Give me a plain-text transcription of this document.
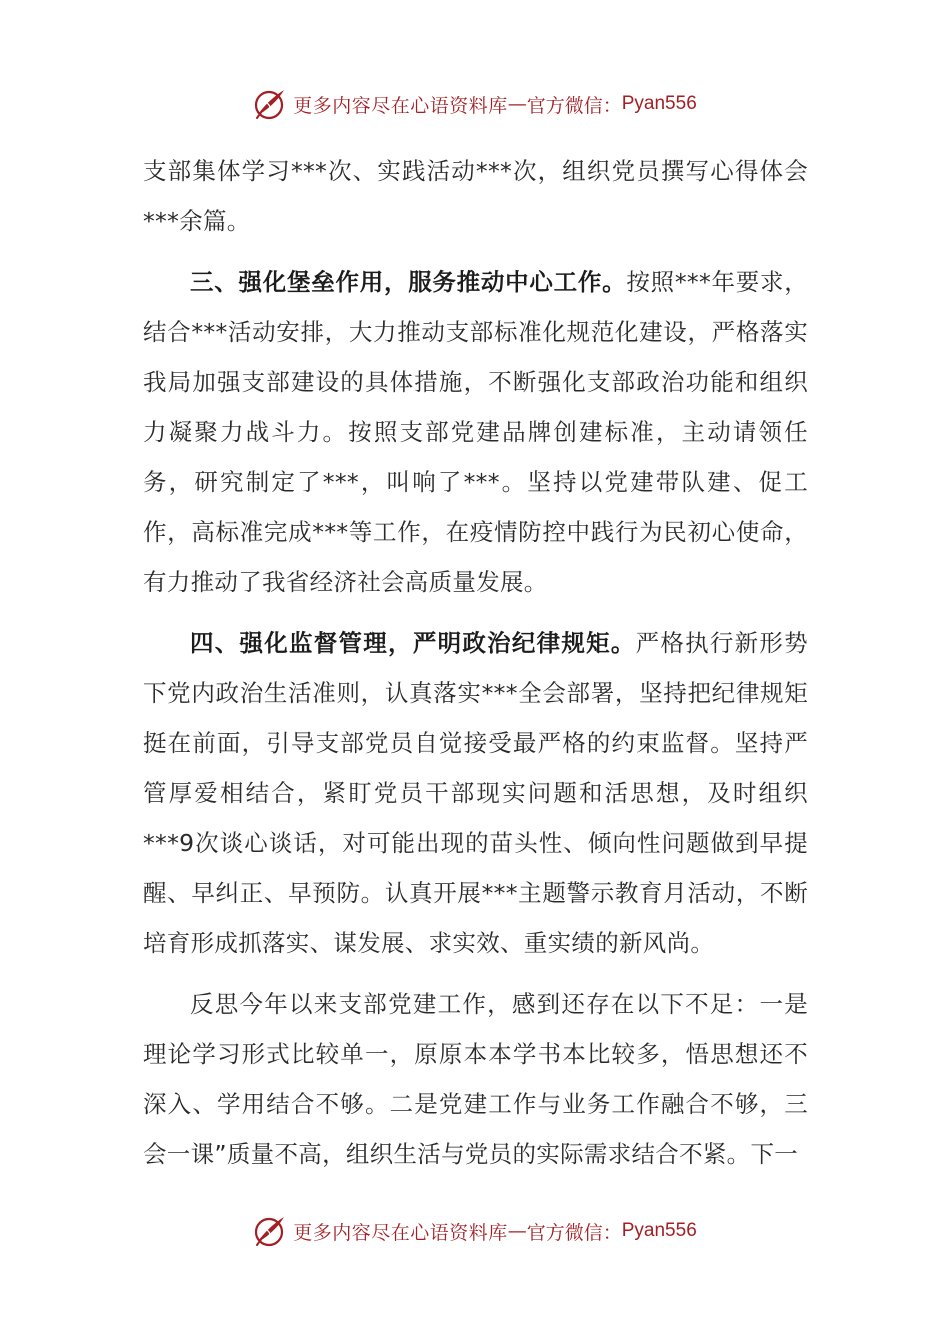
更多内容尽在心语资料库 — 官方微信： Pyan556

支部集体学习***次、实践活动***次，组织党员撰写心得体会***余篇。

三、强化堡垒作用，服务推动中心工作。按照***年要求，结合***活动安排，大力推动支部标准化规范化建设，严格落实我局加强支部建设的具体措施，不断强化支部政治功能和组织力凝聚力战斗力。按照支部党建品牌创建标准，主动请领任务，研究制定了***，叫响了***。坚持以党建带队建、促工作，高标准完成***等工作，在疫情防控中践行为民初心使命，有力推动了我省经济社会高质量发展。

四、强化监督管理，严明政治纪律规矩。严格执行新形势下党内政治生活准则，认真落实***全会部署，坚持把纪律规矩挺在前面，引导支部党员自觉接受最严格的约束监督。坚持严管厚爱相结合，紧盯党员干部现实问题和活思想，及时组织***9次谈心谈话，对可能出现的苗头性、倾向性问题做到早提醒、早纠正、早预防。认真开展***主题警示教育月活动，不断培育形成抓落实、谋发展、求实效、重实绩的新风尚。

反思今年以来支部党建工作，感到还存在以下不足：一是理论学习形式比较单一，原原本本学书本比较多，悟思想还不深入、学用结合不够。二是党建工作与业务工作融合不够，三会一课”质量不高，组织生活与党员的实际需求结合不紧。下一

更多内容尽在心语资料库 — 官方微信： Pyan556
